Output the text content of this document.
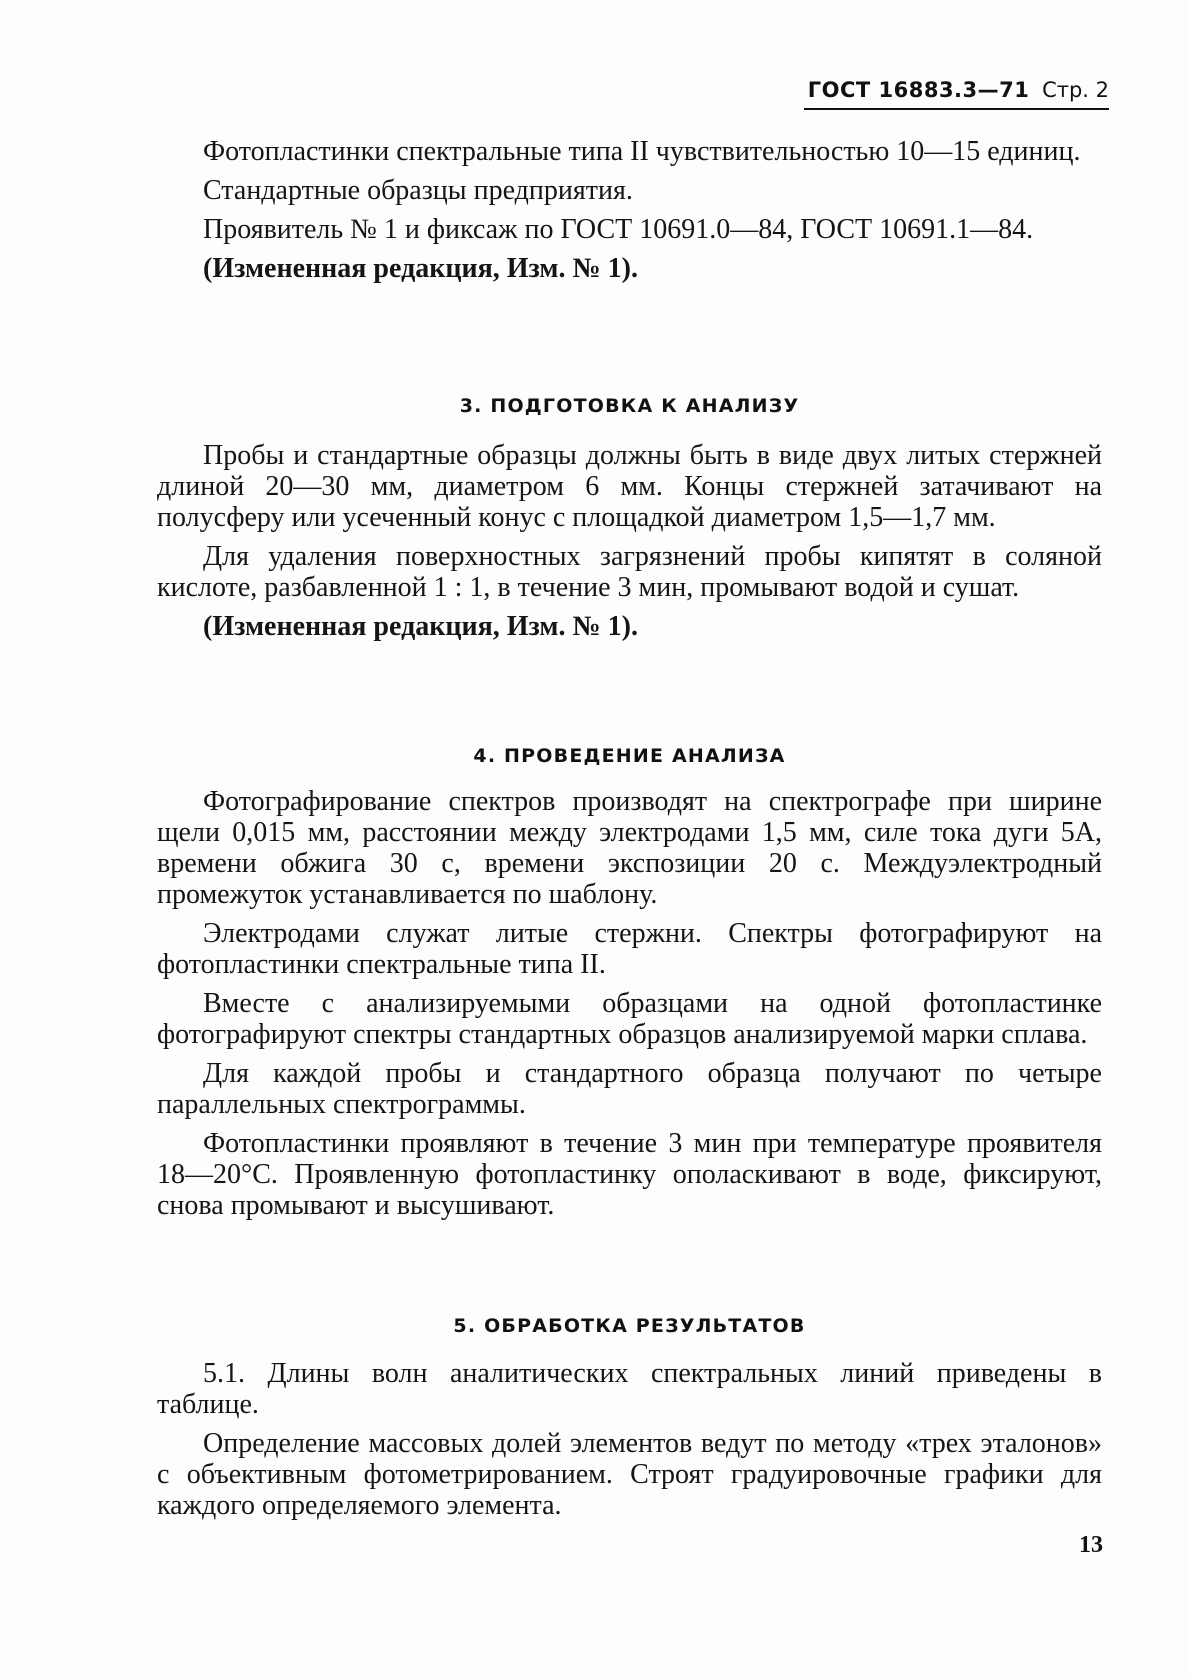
ГОСТ 16883.3—71 Стр. 2

Фотопластинки спектральные типа II чувствительностью 10—15 единиц.

Стандартные образцы предприятия.

Проявитель № 1 и фиксаж по ГОСТ 10691.0—84, ГОСТ 10691.1—84.

(Измененная редакция, Изм. № 1).

3. ПОДГОТОВКА К АНАЛИЗУ

Пробы и стандартные образцы должны быть в виде двух литых стержней длиной 20—30 мм, диаметром 6 мм. Концы стержней затачивают на полусферу или усеченный конус с площадкой диаметром 1,5—1,7 мм.

Для удаления поверхностных загрязнений пробы кипятят в соляной кислоте, разбавленной 1 : 1, в течение 3 мин, промывают водой и сушат.

(Измененная редакция, Изм. № 1).

4. ПРОВЕДЕНИЕ АНАЛИЗА

Фотографирование спектров производят на спектрографе при ширине щели 0,015 мм, расстоянии между электродами 1,5 мм, силе тока дуги 5А, времени обжига 30 с, времени экспозиции 20 с. Междуэлектродный промежуток устанавливается по шаблону.

Электродами служат литые стержни. Спектры фотографируют на фотопластинки спектральные типа II.

Вместе с анализируемыми образцами на одной фотопластинке фотографируют спектры стандартных образцов анализируемой марки сплава.

Для каждой пробы и стандартного образца получают по четыре параллельных спектрограммы.

Фотопластинки проявляют в течение 3 мин при температуре проявителя 18—20°С. Проявленную фотопластинку ополаскивают в воде, фиксируют, снова промывают и высушивают.

5. ОБРАБОТКА РЕЗУЛЬТАТОВ

5.1. Длины волн аналитических спектральных линий приведены в таблице.

Определение массовых долей элементов ведут по методу «трех эталонов» с объективным фотометрированием. Строят градуировочные графики для каждого определяемого элемента.

13
